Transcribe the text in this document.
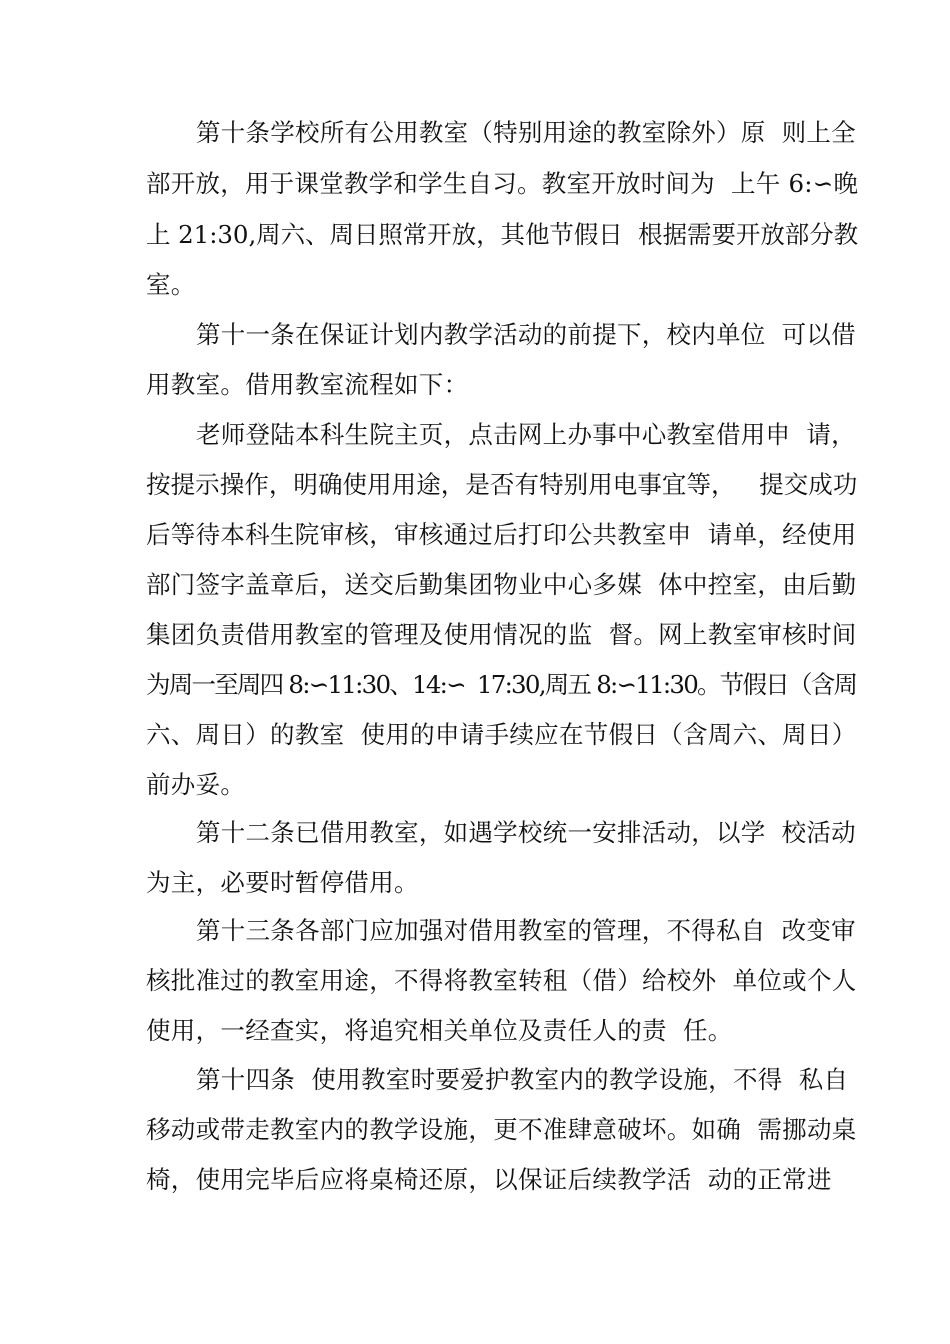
第十条学校所有公用教室（特别用途的教室除外）原  则上全
部开放，用于课堂教学和学生自习。教室开放时间为  上午 6:∽晚
上 21:30,周六、周日照常开放，其他节假日  根据需要开放部分教
室。
第十一条在保证计划内教学活动的前提下，校内单位  可以借
用教室。借用教室流程如下：
老师登陆本科生院主页，点击网上办事中心教室借用申  请，
按提示操作，明确使用用途，是否有特别用电事宜等，   提交成功
后等待本科生院审核，审核通过后打印公共教室申  请单，经使用
部门签字盖章后，送交后勤集团物业中心多媒  体中控室，由后勤
集团负责借用教室的管理及使用情况的监  督。网上教室审核时间
为周一至周四 8:∽11:30、14:∽  17:30,周五 8:∽11:30。节假日（含周
六、周日）的教室  使用的申请手续应在节假日（含周六、周日）
前办妥。
第十二条已借用教室，如遇学校统一安排活动，以学  校活动
为主，必要时暂停借用。
第十三条各部门应加强对借用教室的管理，不得私自  改变审
核批准过的教室用途，不得将教室转租（借）给校外  单位或个人
使用，一经查实，将追究相关单位及责任人的责  任。
第十四条  使用教室时要爱护教室内的教学设施，不得  私自
移动或带走教室内的教学设施，更不准肆意破坏。如确  需挪动桌
椅，使用完毕后应将桌椅还原，以保证后续教学活  动的正常进
